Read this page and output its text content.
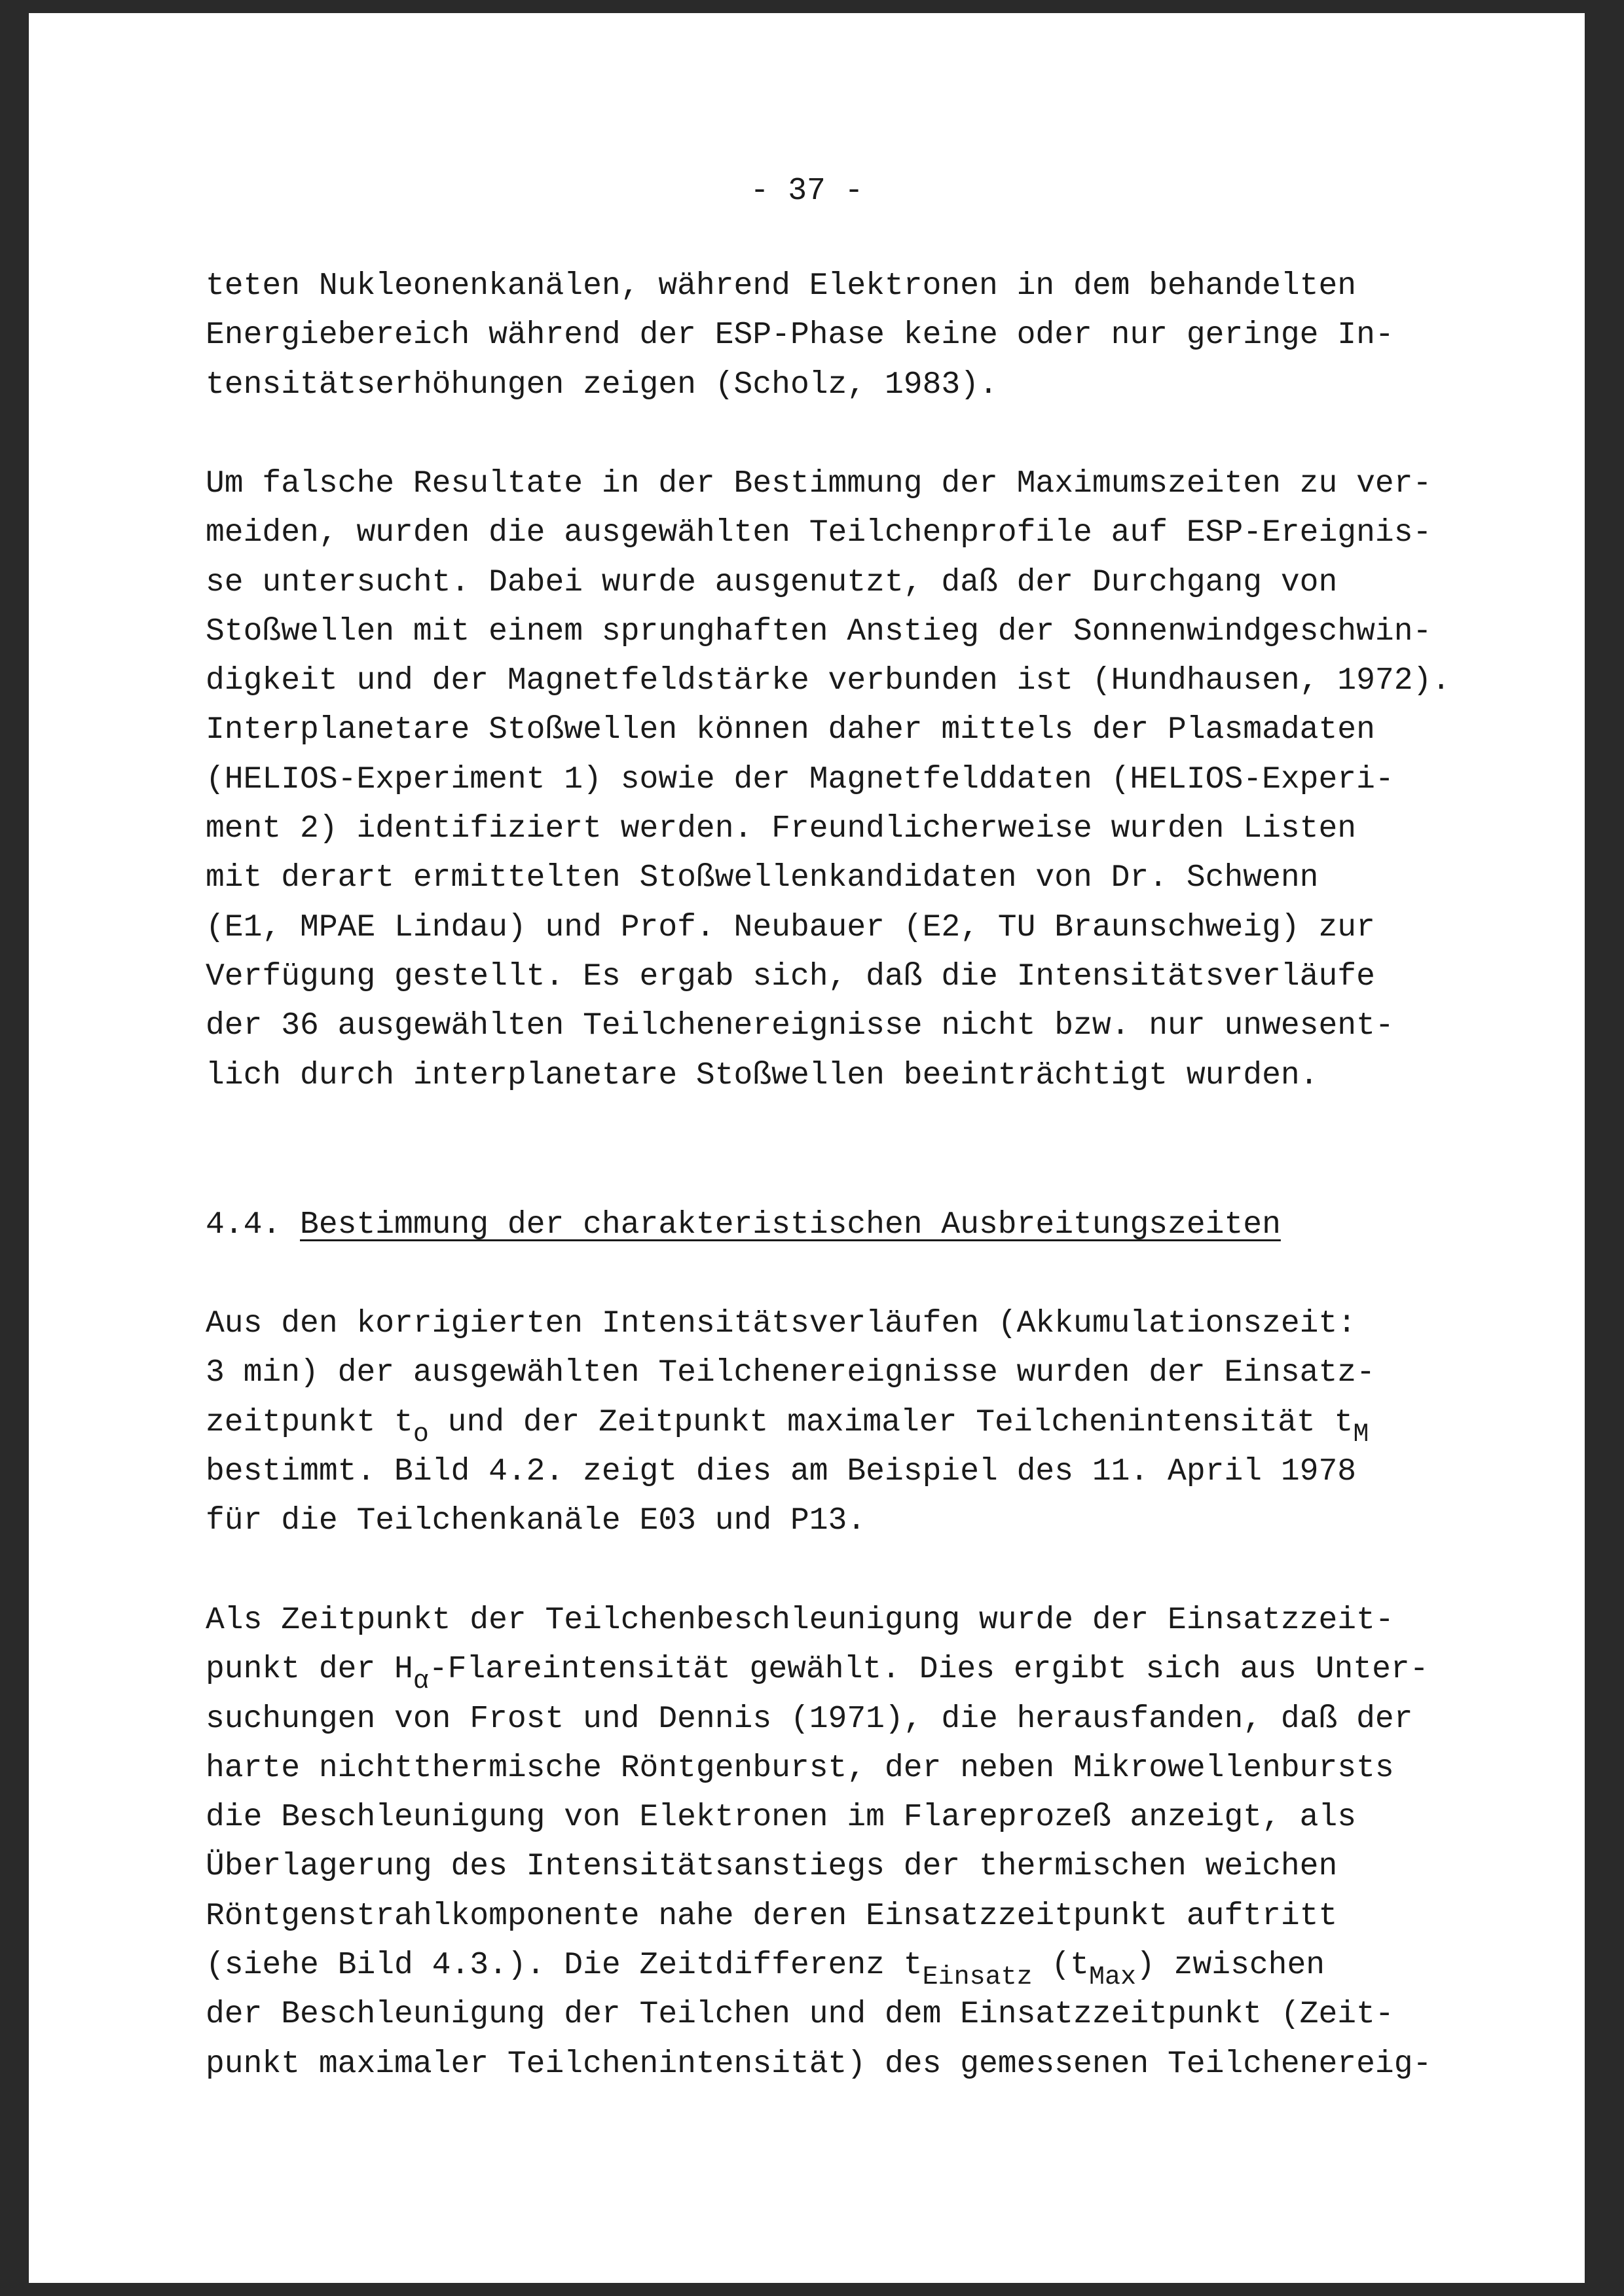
- 37 -
teten Nukleonenkanälen, während Elektronen in dem behandelten
Energiebereich während der ESP-Phase keine oder nur geringe In-
tensitätserhöhungen zeigen (Scholz, 1983).
Um falsche Resultate in der Bestimmung der Maximumszeiten zu ver-
meiden, wurden die ausgewählten Teilchenprofile auf ESP-Ereignis-
se untersucht. Dabei wurde ausgenutzt, daß der Durchgang von
Stoßwellen mit einem sprunghaften Anstieg der Sonnenwindgeschwin-
digkeit und der Magnetfeldstärke verbunden ist (Hundhausen, 1972).
Interplanetare Stoßwellen können daher mittels der Plasmadaten
(HELIOS-Experiment 1) sowie der Magnetfelddaten (HELIOS-Experi-
ment 2) identifiziert werden. Freundlicherweise wurden Listen
mit derart ermittelten Stoßwellenkandidaten von Dr. Schwenn
(E1, MPAE Lindau) und Prof. Neubauer (E2, TU Braunschweig) zur
Verfügung gestellt. Es ergab sich, daß die Intensitätsverläufe
der 36 ausgewählten Teilchenereignisse nicht bzw. nur unwesent-
lich durch interplanetare Stoßwellen beeinträchtigt wurden.
4.4. Bestimmung der charakteristischen Ausbreitungszeiten
Aus den korrigierten Intensitätsverläufen (Akkumulationszeit:
3 min) der ausgewählten Teilchenereignisse wurden der Einsatz-
zeitpunkt $t_o$ und der Zeitpunkt maximaler Teilchenintensität $t_M$
bestimmt. Bild 4.2. zeigt dies am Beispiel des 11. April 1978
für die Teilchenkanäle E03 und P13.
Als Zeitpunkt der Teilchenbeschleunigung wurde der Einsatzzeit-
punkt der $H_\alpha$-Flareintensität gewählt. Dies ergibt sich aus Unter-
suchungen von Frost und Dennis (1971), die herausfanden, daß der
harte nichtthermische Röntgenburst, der neben Mikrowellenbursts
die Beschleunigung von Elektronen im Flareprozeß anzeigt, als
Überlagerung des Intensitätsanstiegs der thermischen weichen
Röntgenstrahlkomponente nahe deren Einsatzzeitpunkt auftritt
(siehe Bild 4.3.). Die Zeitdifferenz $t_{Einsatz}$ $(t_{Max})$ zwischen
der Beschleunigung der Teilchen und dem Einsatzzeitpunkt (Zeit-
punkt maximaler Teilchenintensität) des gemessenen Teilchenereig-
